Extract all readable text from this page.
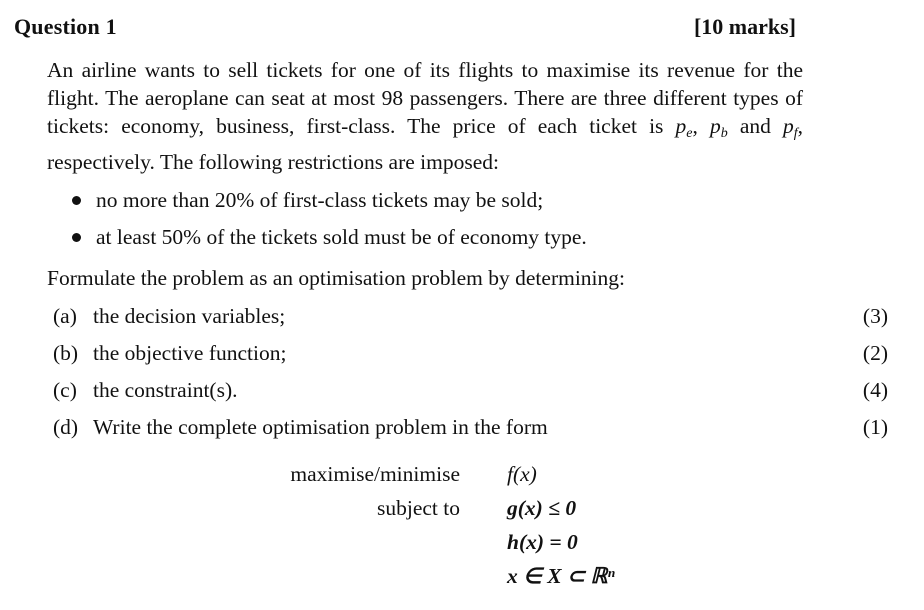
Question 1	[10 marks]
An airline wants to sell tickets for one of its flights to maximise its revenue for the flight. The aeroplane can seat at most 98 passengers. There are three different types of tickets: economy, business, first-class. The price of each ticket is $p_e$, $p_b$ and $p_f$, respectively. The following restrictions are imposed:
no more than 20% of first-class tickets may be sold;
at least 50% of the tickets sold must be of economy type.
Formulate the problem as an optimisation problem by determining:
(a) the decision variables;	(3)
(b) the objective function;	(2)
(c) the constraint(s).	(4)
(d) Write the complete optimisation problem in the form	(1)
maximise/minimise f(x)
subject to g(x) ≤ 0
h(x) = 0
x ∈ X ⊂ ℝⁿ
